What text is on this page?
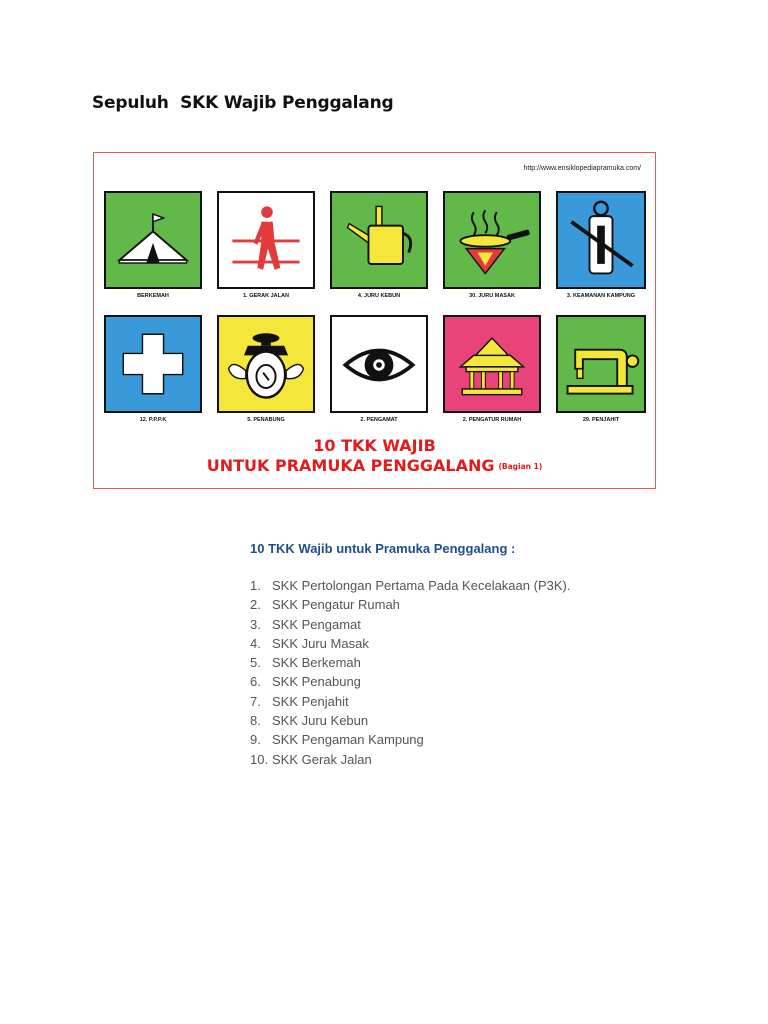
Sepuluh  SKK Wajib Penggalang
http://www.ensiklopediapramuka.com/
BERKEMAH	1. GERAK JALAN	4. JURU KEBUN	30. JURU MASAK	3. KEAMANAN KAMPUNG
12. P.P.P.K	5. PENABUNG	2. PENGAMAT	2. PENGATUR RUMAH	29. PENJAHIT
10 TKK WAJIB
UNTUK PRAMUKA PENGGALANG (Bagian 1)
10 TKK Wajib untuk Pramuka Penggalang :
1. SKK Pertolongan Pertama Pada Kecelakaan (P3K).
2. SKK Pengatur Rumah
3. SKK Pengamat
4. SKK Juru Masak
5. SKK Berkemah
6. SKK Penabung
7. SKK Penjahit
8. SKK Juru Kebun
9. SKK Pengaman Kampung
10. SKK Gerak Jalan
